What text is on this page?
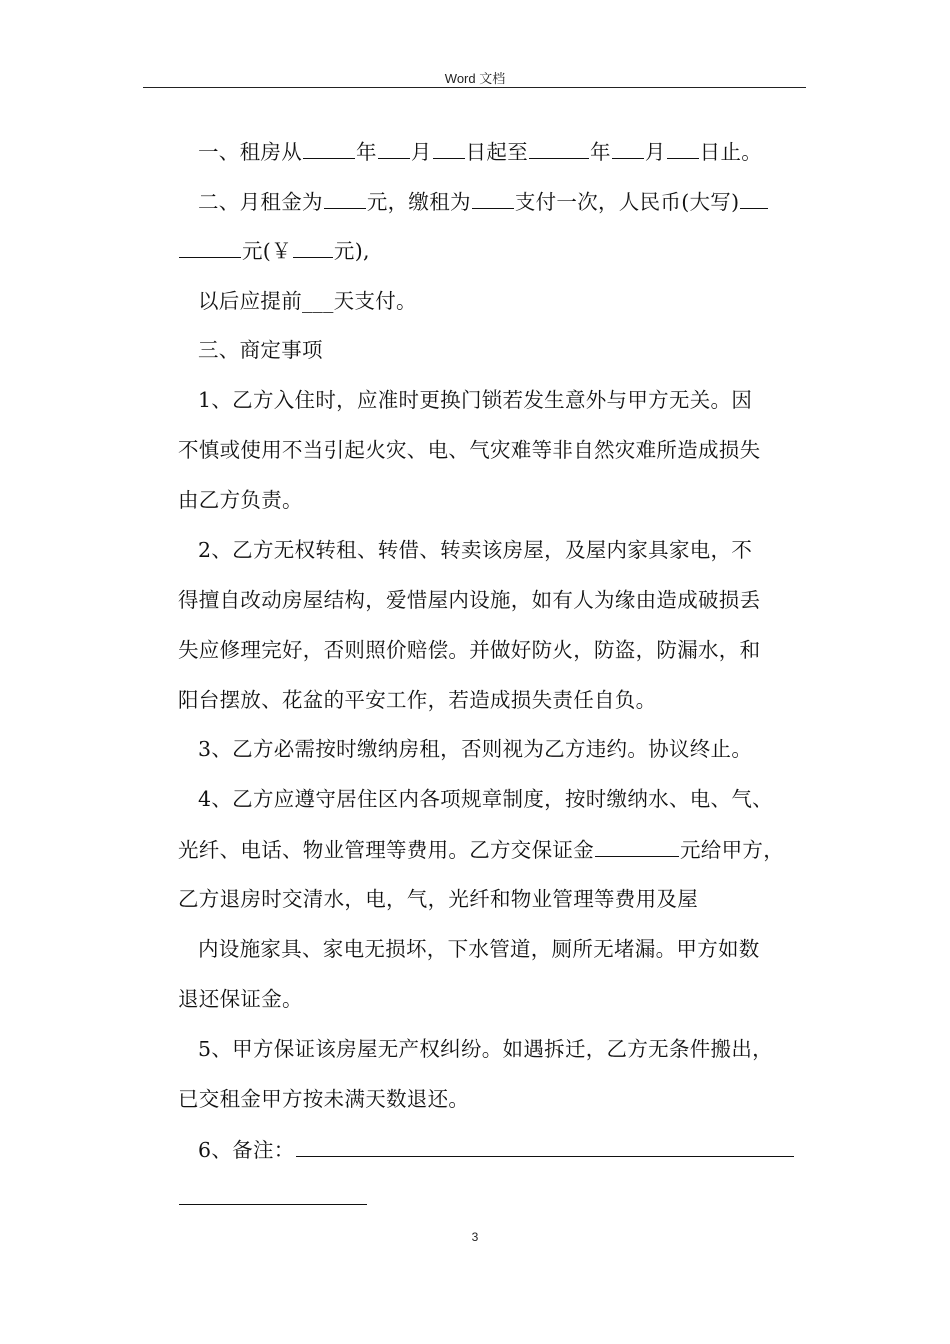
Word 文档
一、租房从	年 月 日起至	年 月 日止。
二、月租金为 元，缴租为 支付一次，人民币(大写)
元(￥ 元),
以后应提前___天支付。
三、商定事项
1、乙方入住时，应准时更换门锁若发生意外与甲方无关。因
不慎或使用不当引起火灾、电、气灾难等非自然灾难所造成损失
由乙方负责。
2、乙方无权转租、转借、转卖该房屋，及屋内家具家电，不
得擅自改动房屋结构，爱惜屋内设施，如有人为缘由造成破损丢
失应修理完好，否则照价赔偿。并做好防火，防盗，防漏水，和
阳台摆放、花盆的平安工作，若造成损失责任自负。
3、乙方必需按时缴纳房租，否则视为乙方违约。协议终止。
4、乙方应遵守居住区内各项规章制度，按时缴纳水、电、气、
光纤、电话、物业管理等费用。乙方交保证金	元给甲方，
乙方退房时交清水，电，气，光纤和物业管理等费用及屋
内设施家具、家电无损坏，下水管道，厕所无堵漏。甲方如数
退还保证金。
5、甲方保证该房屋无产权纠纷。如遇拆迁，乙方无条件搬出，
已交租金甲方按未满天数退还。
6、备注：
3
